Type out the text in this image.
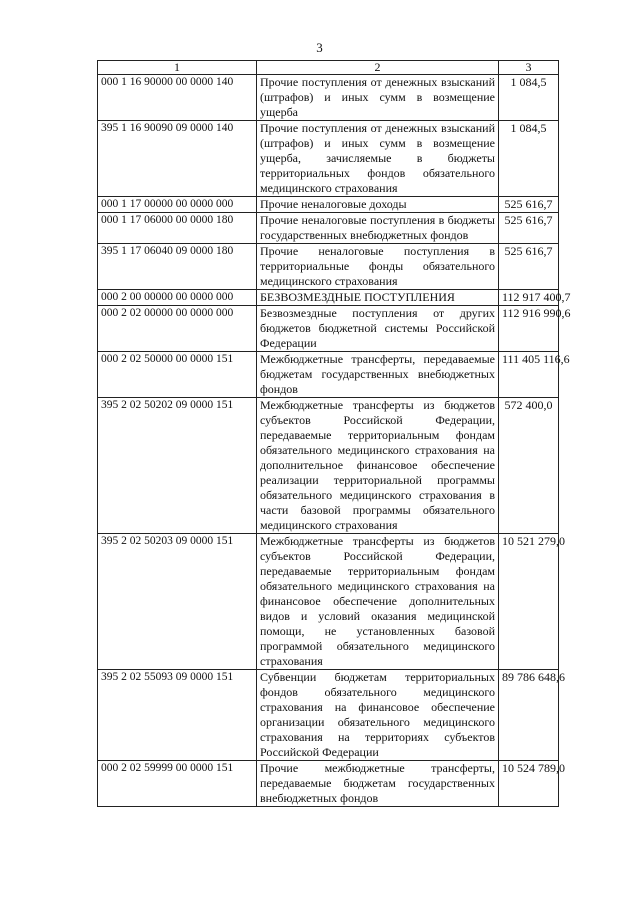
3
1	2	3
000 1 16 90000 00 0000 140	Прочие поступления от денежных взысканий (штрафов) и иных сумм в возмещение ущерба	1 084,5
395 1 16 90090 09 0000 140	Прочие поступления от денежных взысканий (штрафов) и иных сумм в возмещение ущерба, зачисляемые в бюджеты территориальных фондов обязательного медицинского страхования	1 084,5
000 1 17 00000 00 0000 000	Прочие неналоговые доходы	525 616,7
000 1 17 06000 00 0000 180	Прочие неналоговые поступления в бюджеты государственных внебюджетных фондов	525 616,7
395 1 17 06040 09 0000 180	Прочие неналоговые поступления в территориальные фонды обязательного медицинского страхования	525 616,7
000 2 00 00000 00 0000 000	БЕЗВОЗМЕЗДНЫЕ ПОСТУПЛЕНИЯ	112 917 400,7
000 2 02 00000 00 0000 000	Безвозмездные поступления от других бюджетов бюджетной системы Российской Федерации	112 916 990,6
000 2 02 50000 00 0000 151	Межбюджетные трансферты, передаваемые бюджетам государственных внебюджетных фондов	111 405 116,6
395 2 02 50202 09 0000 151	Межбюджетные трансферты из бюджетов субъектов Российской Федерации, передаваемые территориальным фондам обязательного медицинского страхования на дополнительное финансовое обеспечение реализации территориальной программы обязательного медицинского страхования в части базовой программы обязательного медицинского страхования	572 400,0
395 2 02 50203 09 0000 151	Межбюджетные трансферты из бюджетов субъектов Российской Федерации, передаваемые территориальным фондам обязательного медицинского страхования на финансовое обеспечение дополнительных видов и условий оказания медицинской помощи, не установленных базовой программой обязательного медицинского страхования	10 521 279,0
395 2 02 55093 09 0000 151	Субвенции бюджетам территориальных фондов обязательного медицинского страхования на финансовое обеспечение организации обязательного медицинского страхования на территориях субъектов Российской Федерации	89 786 648,6
000 2 02 59999 00 0000 151	Прочие межбюджетные трансферты, передаваемые бюджетам государственных внебюджетных фондов	10 524 789,0
